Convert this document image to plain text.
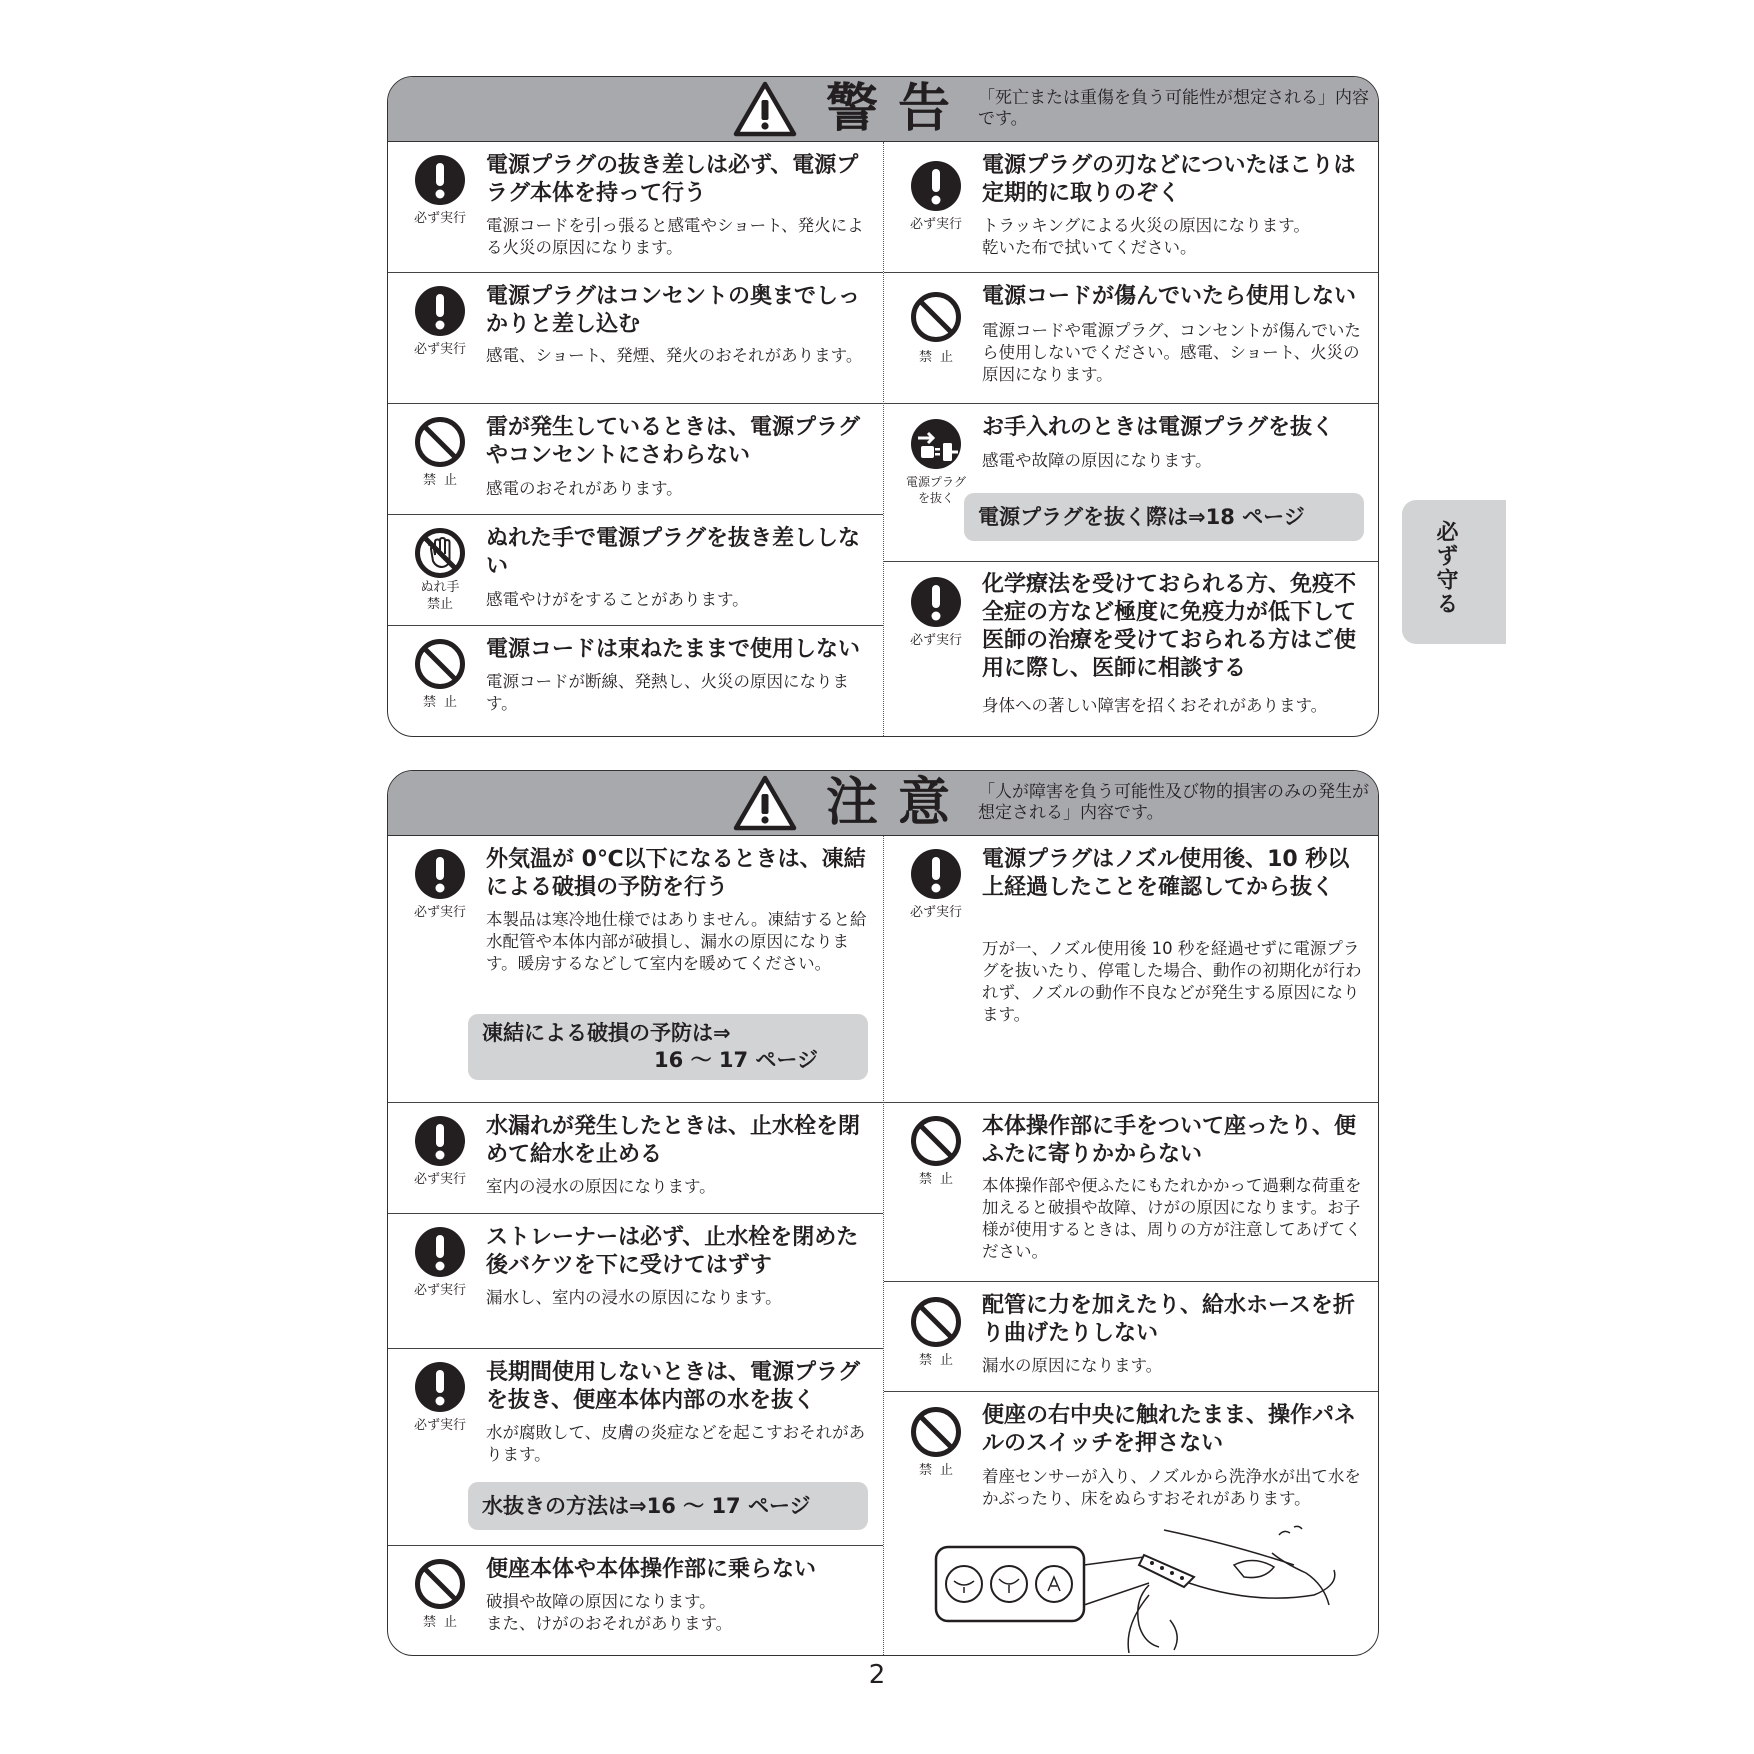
警告 「死亡または重傷を負う可能性が想定される」内容です。
必ず実行
電源プラグの抜き差しは必ず、電源プラグ本体を持って行う
電源コードを引っ張ると感電やショート、発火による火災の原因になります。
必ず実行
電源プラグはコンセントの奥までしっかりと差し込む
感電、ショート、発煙、発火のおそれがあります。
禁止
雷が発生しているときは、電源プラグやコンセントにさわらない
感電のおそれがあります。
ぬれ手
禁止
ぬれた手で電源プラグを抜き差ししない
感電やけがをすることがあります。
禁止
電源コードは束ねたままで使用しない
電源コードが断線、発熱し、火災の原因になります。
必ず実行
電源プラグの刃などについたほこりは定期的に取りのぞく
トラッキングによる火災の原因になります。
乾いた布で拭いてください。
禁止
電源コードが傷んでいたら使用しない
電源コードや電源プラグ、コンセントが傷んでいたら使用しないでください。感電、ショート、火災の原因になります。
電源プラグ
を抜く
お手入れのときは電源プラグを抜く
感電や故障の原因になります。
電源プラグを抜く際は⇒18 ページ
必ず実行
化学療法を受けておられる方、免疫不全症の方など極度に免疫力が低下して医師の治療を受けておられる方はご使用に際し、医師に相談する
身体への著しい障害を招くおそれがあります。
注意 「人が障害を負う可能性及び物的損害のみの発生が想定される」内容です。
必ず実行
外気温が 0℃以下になるときは、凍結による破損の予防を行う
本製品は寒冷地仕様ではありません。凍結すると給水配管や本体内部が破損し、漏水の原因になります。暖房するなどして室内を暖めてください。
凍結による破損の予防は⇒
16 ～ 17 ページ
必ず実行
水漏れが発生したときは、止水栓を閉めて給水を止める
室内の浸水の原因になります。
必ず実行
ストレーナーは必ず、止水栓を閉めた後バケツを下に受けてはずす
漏水し、室内の浸水の原因になります。
必ず実行
長期間使用しないときは、電源プラグを抜き、便座本体内部の水を抜く
水が腐敗して、皮膚の炎症などを起こすおそれがあります。
水抜きの方法は⇒16 ～ 17 ページ
禁止
便座本体や本体操作部に乗らない
破損や故障の原因になります。
また、けがのおそれがあります。
必ず実行
電源プラグはノズル使用後、10 秒以上経過したことを確認してから抜く
万が一、ノズル使用後 10 秒を経過せずに電源プラグを抜いたり、停電した場合、動作の初期化が行われず、ノズルの動作不良などが発生する原因になります。
禁止
本体操作部に手をついて座ったり、便ふたに寄りかからない
本体操作部や便ふたにもたれかかって過剰な荷重を加えると破損や故障、けがの原因になります。お子様が使用するときは、周りの方が注意してあげてください。
禁止
配管に力を加えたり、給水ホースを折り曲げたりしない
漏水の原因になります。
禁止
便座の右中央に触れたまま、操作パネルのスイッチを押さない
着座センサーが入り、ノズルから洗浄水が出て水をかぶったり、床をぬらすおそれがあります。
必ず守る
2
